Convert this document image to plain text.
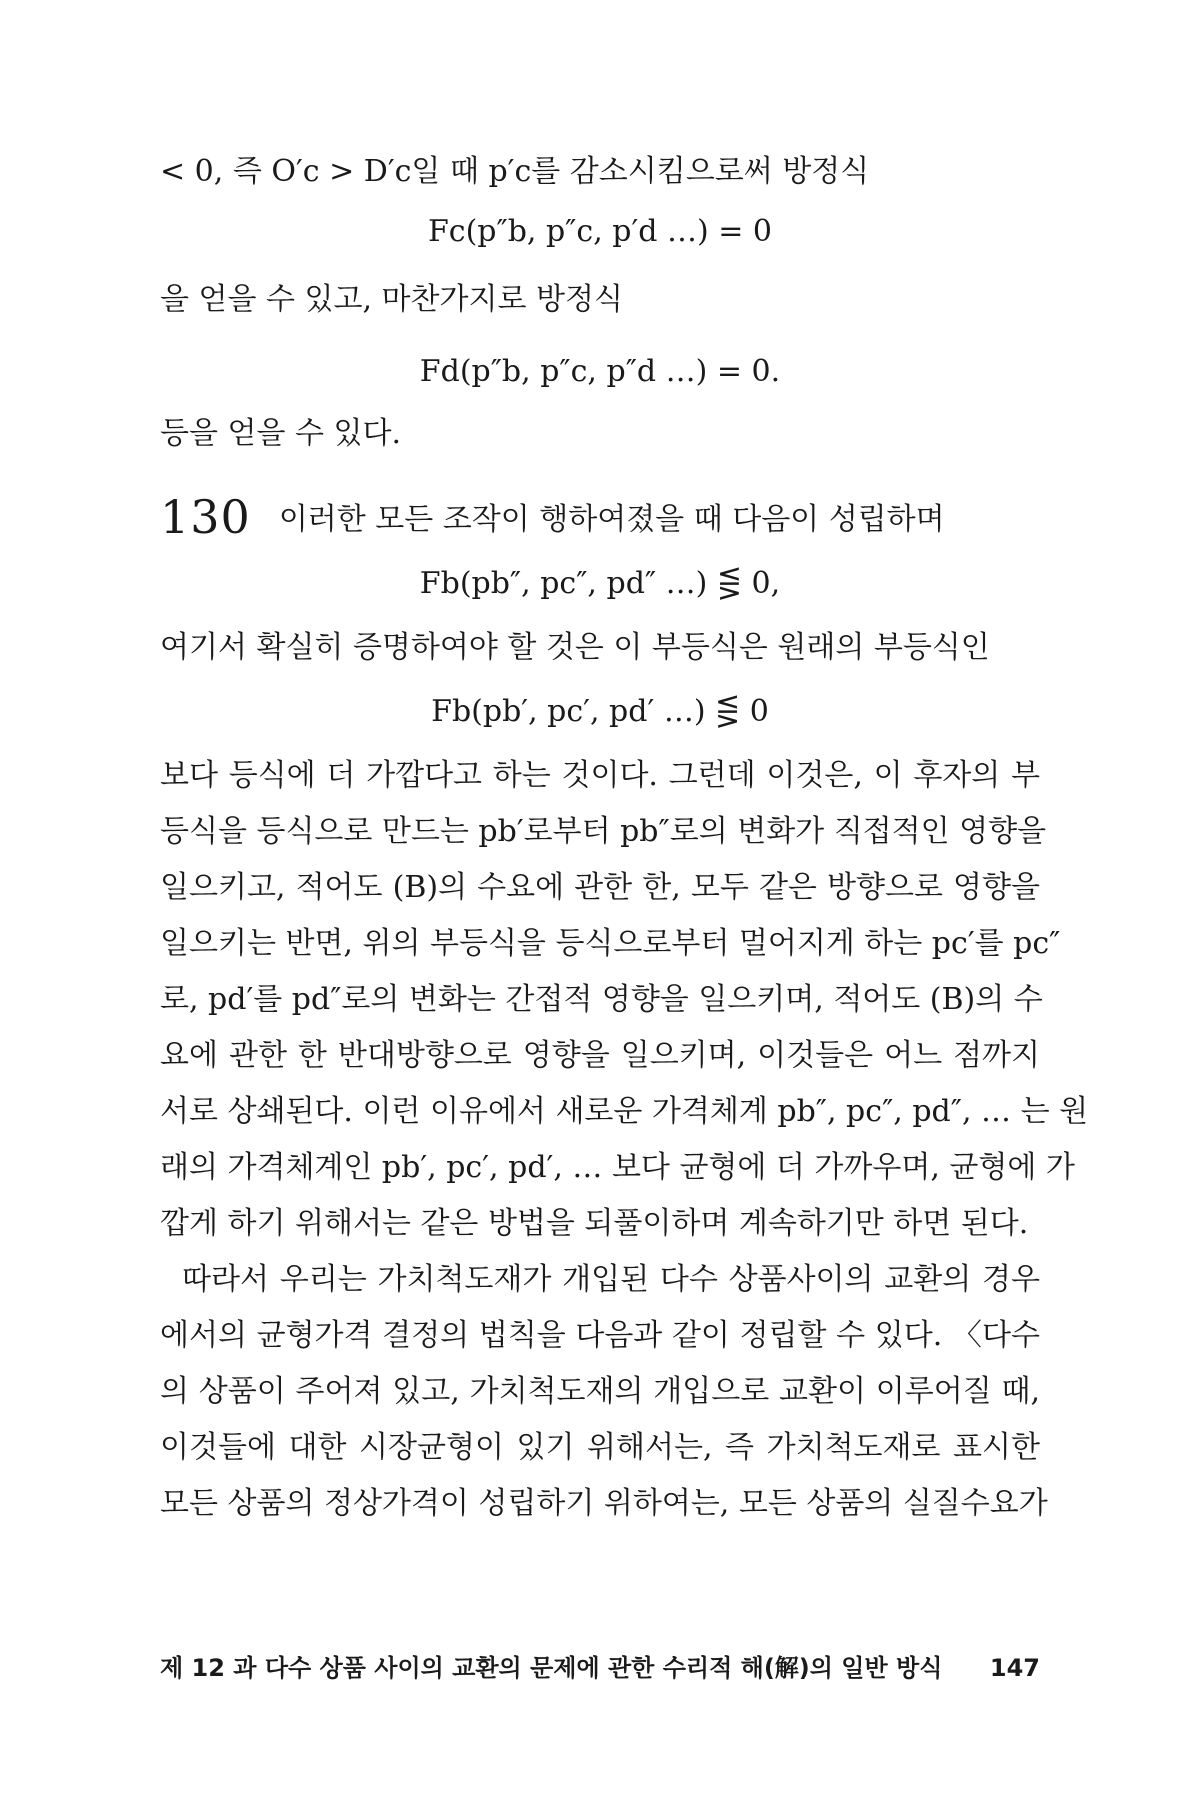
< 0, 즉 O′c > D′c일 때 p′c를 감소시킴으로써 방정식
Fc(p″b, p″c, p′d …) = 0
을 얻을 수 있고, 마찬가지로 방정식
Fd(p″b, p″c, p″d …) = 0.
등을 얻을 수 있다.
130 이러한 모든 조작이 행하여졌을 때 다음이 성립하며
Fb(pb″, pc″, pd″ …) ⋚ 0,
여기서 확실히 증명하여야 할 것은 이 부등식은 원래의 부등식인
Fb(pb′, pc′, pd′ …) ⋚ 0
보다 등식에 더 가깝다고 하는 것이다. 그런데 이것은, 이 후자의 부
등식을 등식으로 만드는 pb′로부터 pb″로의 변화가 직접적인 영향을
일으키고, 적어도 (B)의 수요에 관한 한, 모두 같은 방향으로 영향을
일으키는 반면, 위의 부등식을 등식으로부터 멀어지게 하는 pc′를 pc″
로, pd′를 pd″로의 변화는 간접적 영향을 일으키며, 적어도 (B)의 수
요에 관한 한 반대방향으로 영향을 일으키며, 이것들은 어느 점까지
서로 상쇄된다. 이런 이유에서 새로운 가격체계 pb″, pc″, pd″, … 는 원
래의 가격체계인 pb′, pc′, pd′, … 보다 균형에 더 가까우며, 균형에 가
깝게 하기 위해서는 같은 방법을 되풀이하며 계속하기만 하면 된다.
따라서 우리는 가치척도재가 개입된 다수 상품사이의 교환의 경우
에서의 균형가격 결정의 법칙을 다음과 같이 정립할 수 있다. 〈다수
의 상품이 주어져 있고, 가치척도재의 개입으로 교환이 이루어질 때,
이것들에 대한 시장균형이 있기 위해서는, 즉 가치척도재로 표시한
모든 상품의 정상가격이 성립하기 위하여는, 모든 상품의 실질수요가
제 12 과 다수 상품 사이의 교환의 문제에 관한 수리적 해(解)의 일반 방식 147
